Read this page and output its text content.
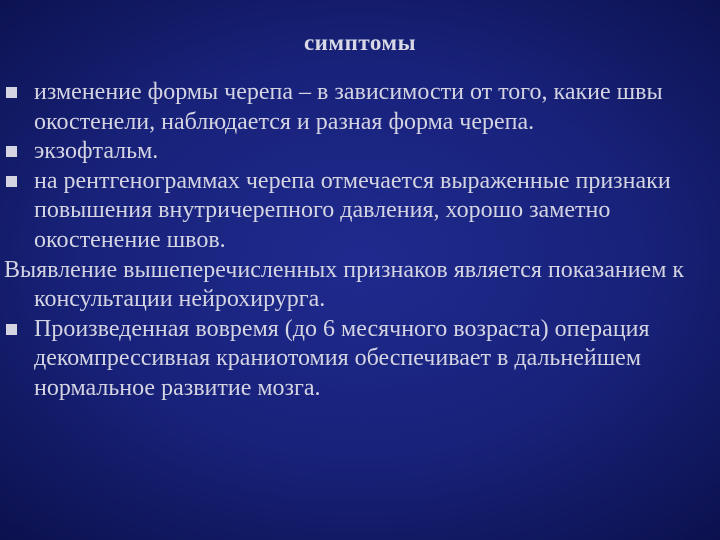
симптомы
изменение формы черепа – в зависимости от того, какие швы окостенели, наблюдается и разная форма черепа.
экзофтальм.
на рентгенограммах черепа отмечается выраженные признаки повышения внутричерепного давления, хорошо заметно окостенение швов.
Выявление вышеперечисленных признаков является показанием к консультации нейрохирурга.
Произведенная вовремя (до 6 месячного возраста) операция декомпрессивная краниотомия обеспечивает в дальнейшем нормальное развитие мозга.
